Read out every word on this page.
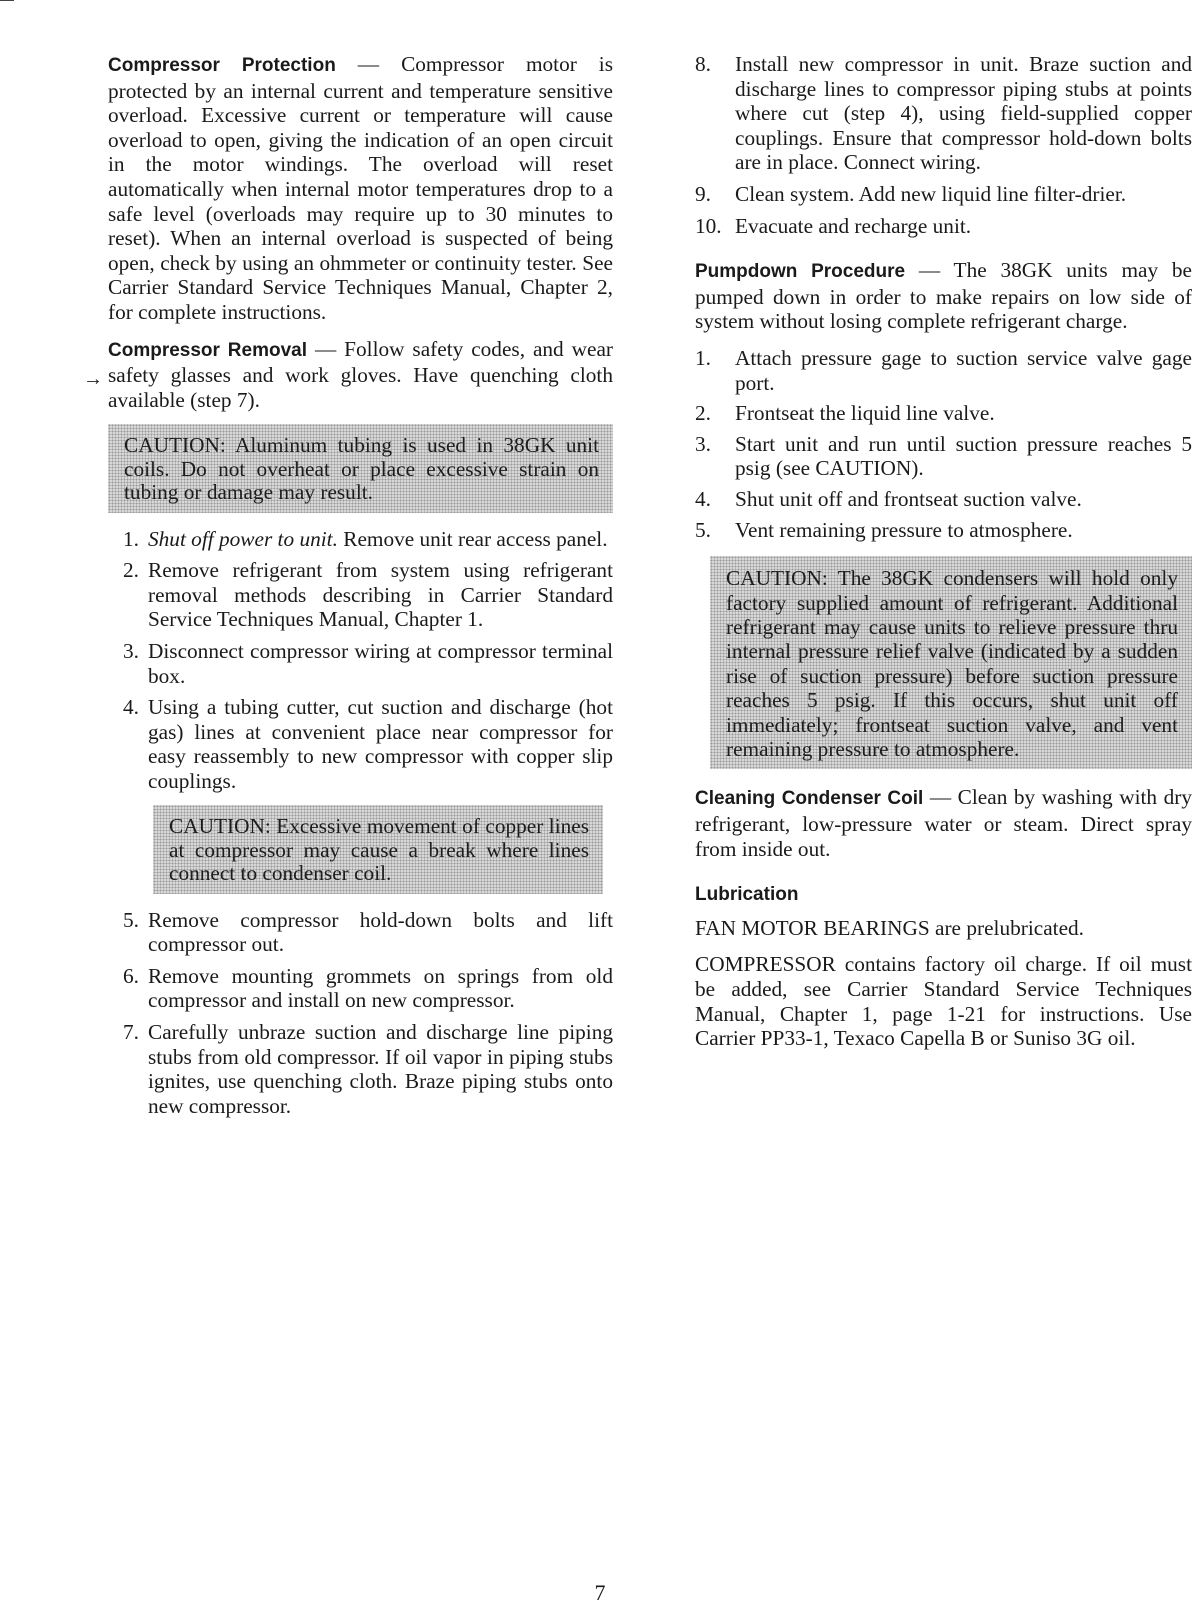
Compressor Protection — Compressor motor is protected by an internal current and temperature sensitive overload. Excessive current or temperature will cause overload to open, giving the indication of an open circuit in the motor windings. The overload will reset automatically when internal motor temperatures drop to a safe level (overloads may require up to 30 minutes to reset). When an internal overload is suspected of being open, check by using an ohmmeter or continuity tester. See Carrier Standard Service Techniques Manual, Chapter 2, for complete instructions.

Compressor Removal — Follow safety codes, and wear safety glasses and work gloves. Have quenching cloth available (step 7).

CAUTION: Aluminum tubing is used in 38GK unit coils. Do not overheat or place excessive strain on tubing or damage may result.
1. Shut off power to unit. Remove unit rear access panel.
2. Remove refrigerant from system using refrigerant removal methods describing in Carrier Standard Service Techniques Manual, Chapter 1.
3. Disconnect compressor wiring at compressor terminal box.
4. Using a tubing cutter, cut suction and discharge (hot gas) lines at convenient place near compressor for easy reassembly to new compressor with copper slip couplings.
CAUTION: Excessive movement of copper lines at compressor may cause a break where lines connect to condenser coil.
5. Remove compressor hold-down bolts and lift compressor out.
6. Remove mounting grommets on springs from old compressor and install on new compressor.
7. Carefully unbraze suction and discharge line piping stubs from old compressor. If oil vapor in piping stubs ignites, use quenching cloth. Braze piping stubs onto new compressor.
→
8. Install new compressor in unit. Braze suction and discharge lines to compressor piping stubs at points where cut (step 4), using field-supplied copper couplings. Ensure that compressor hold-down bolts are in place. Connect wiring.
9. Clean system. Add new liquid line filter-drier.
10. Evacuate and recharge unit.

Pumpdown Procedure — The 38GK units may be pumped down in order to make repairs on low side of system without losing complete refrigerant charge.

1. Attach pressure gage to suction service valve gage port.
2. Frontseat the liquid line valve.
3. Start unit and run until suction pressure reaches 5 psig (see CAUTION).
4. Shut unit off and frontseat suction valve.
5. Vent remaining pressure to atmosphere.
CAUTION: The 38GK condensers will hold only factory supplied amount of refrigerant. Additional refrigerant may cause units to relieve pressure thru internal pressure relief valve (indicated by a sudden rise of suction pressure) before suction pressure reaches 5 psig. If this occurs, shut unit off immediately; frontseat suction valve, and vent remaining pressure to atmosphere.

Cleaning Condenser Coil — Clean by washing with dry refrigerant, low-pressure water or steam. Direct spray from inside out.

Lubrication

FAN MOTOR BEARINGS are prelubricated.

COMPRESSOR contains factory oil charge. If oil must be added, see Carrier Standard Service Techniques Manual, Chapter 1, page 1-21 for instructions. Use Carrier PP33-1, Texaco Capella B or Suniso 3G oil.

7
